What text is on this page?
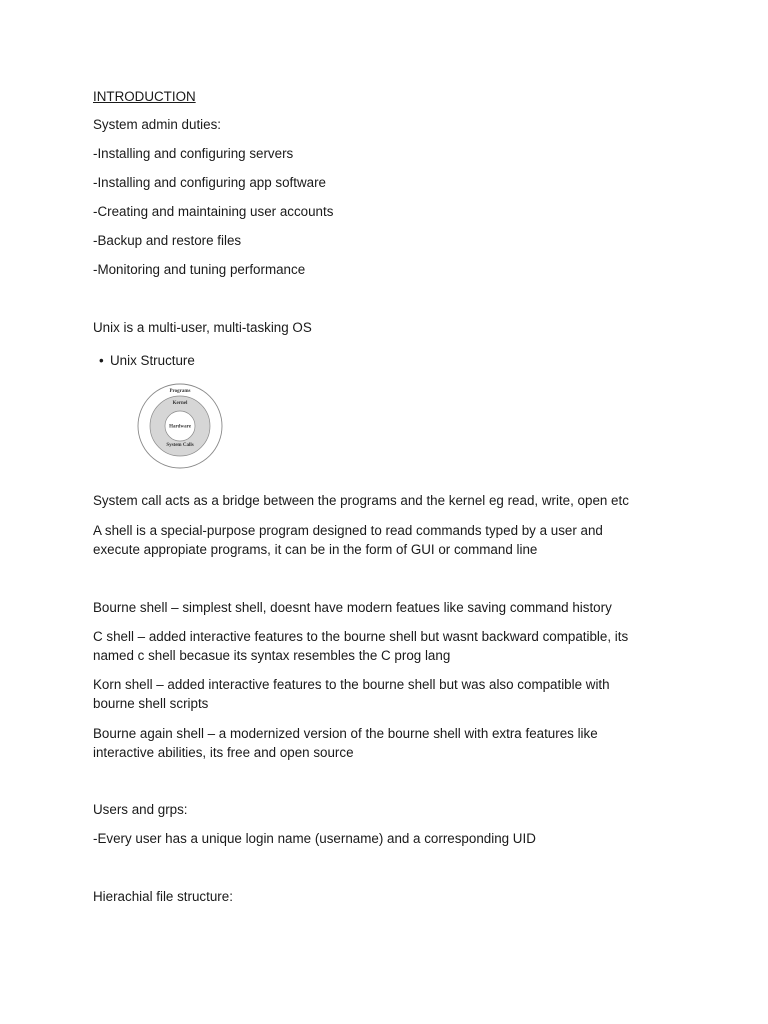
INTRODUCTION
System admin duties:
-Installing and configuring servers
-Installing and configuring app software
-Creating and maintaining user accounts
-Backup and restore files
-Monitoring and tuning performance
Unix is a multi-user, multi-tasking OS
• Unix Structure
Programs
Kernel
Hardware
System Calls
System call acts as a bridge between the programs and the kernel eg read, write, open etc
A shell is a special-purpose program designed to read commands typed by a user and
execute appropiate programs, it can be in the form of GUI or command line
Bourne shell – simplest shell, doesnt have modern featues like saving command history
C shell – added interactive features to the bourne shell but wasnt backward compatible, its
named c shell becasue its syntax resembles the C prog lang
Korn shell – added interactive features to the bourne shell but was also compatible with
bourne shell scripts
Bourne again shell – a modernized version of the bourne shell with extra features like
interactive abilities, its free and open source
Users and grps:
-Every user has a unique login name (username) and a corresponding UID
Hierachial file structure:
